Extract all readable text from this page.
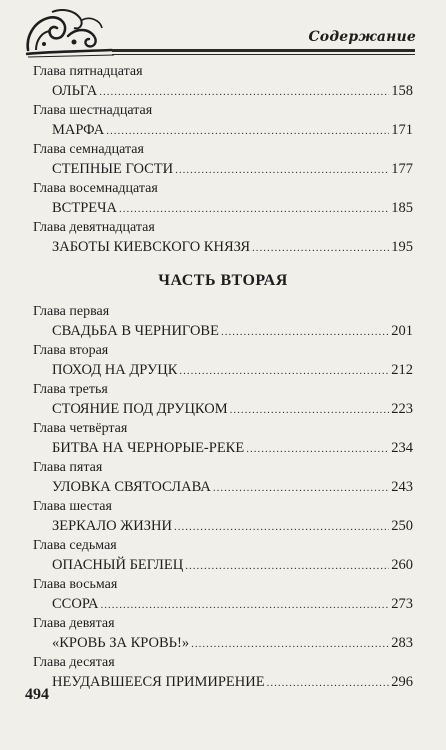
Содержание
Глава пятнадцатая
ОЛЬГА .....	158
Глава шестнадцатая
МАРФА .....	171
Глава семнадцатая
СТЕПНЫЕ ГОСТИ .....	177
Глава восемнадцатая
ВСТРЕЧА .....	185
Глава девятнадцатая
ЗАБОТЫ КИЕВСКОГО КНЯЗЯ .....	195
ЧАСТЬ ВТОРАЯ
Глава первая
СВАДЬБА В ЧЕРНИГОВЕ .....	201
Глава вторая
ПОХОД НА ДРУЦК .....	212
Глава третья
СТОЯНИЕ ПОД ДРУЦКОМ .....	223
Глава четвёртая
БИТВА НА ЧЕРНОРЫЕ-РЕКЕ .....	234
Глава пятая
УЛОВКА СВЯТОСЛАВА .....	243
Глава шестая
ЗЕРКАЛО ЖИЗНИ .....	250
Глава седьмая
ОПАСНЫЙ БЕГЛЕЦ .....	260
Глава восьмая
ССОРА .....	273
Глава девятая
«КРОВЬ ЗА КРОВЬ!» .....	283
Глава десятая
НЕУДАВШЕЕСЯ ПРИМИРЕНИЕ .....	296
494
